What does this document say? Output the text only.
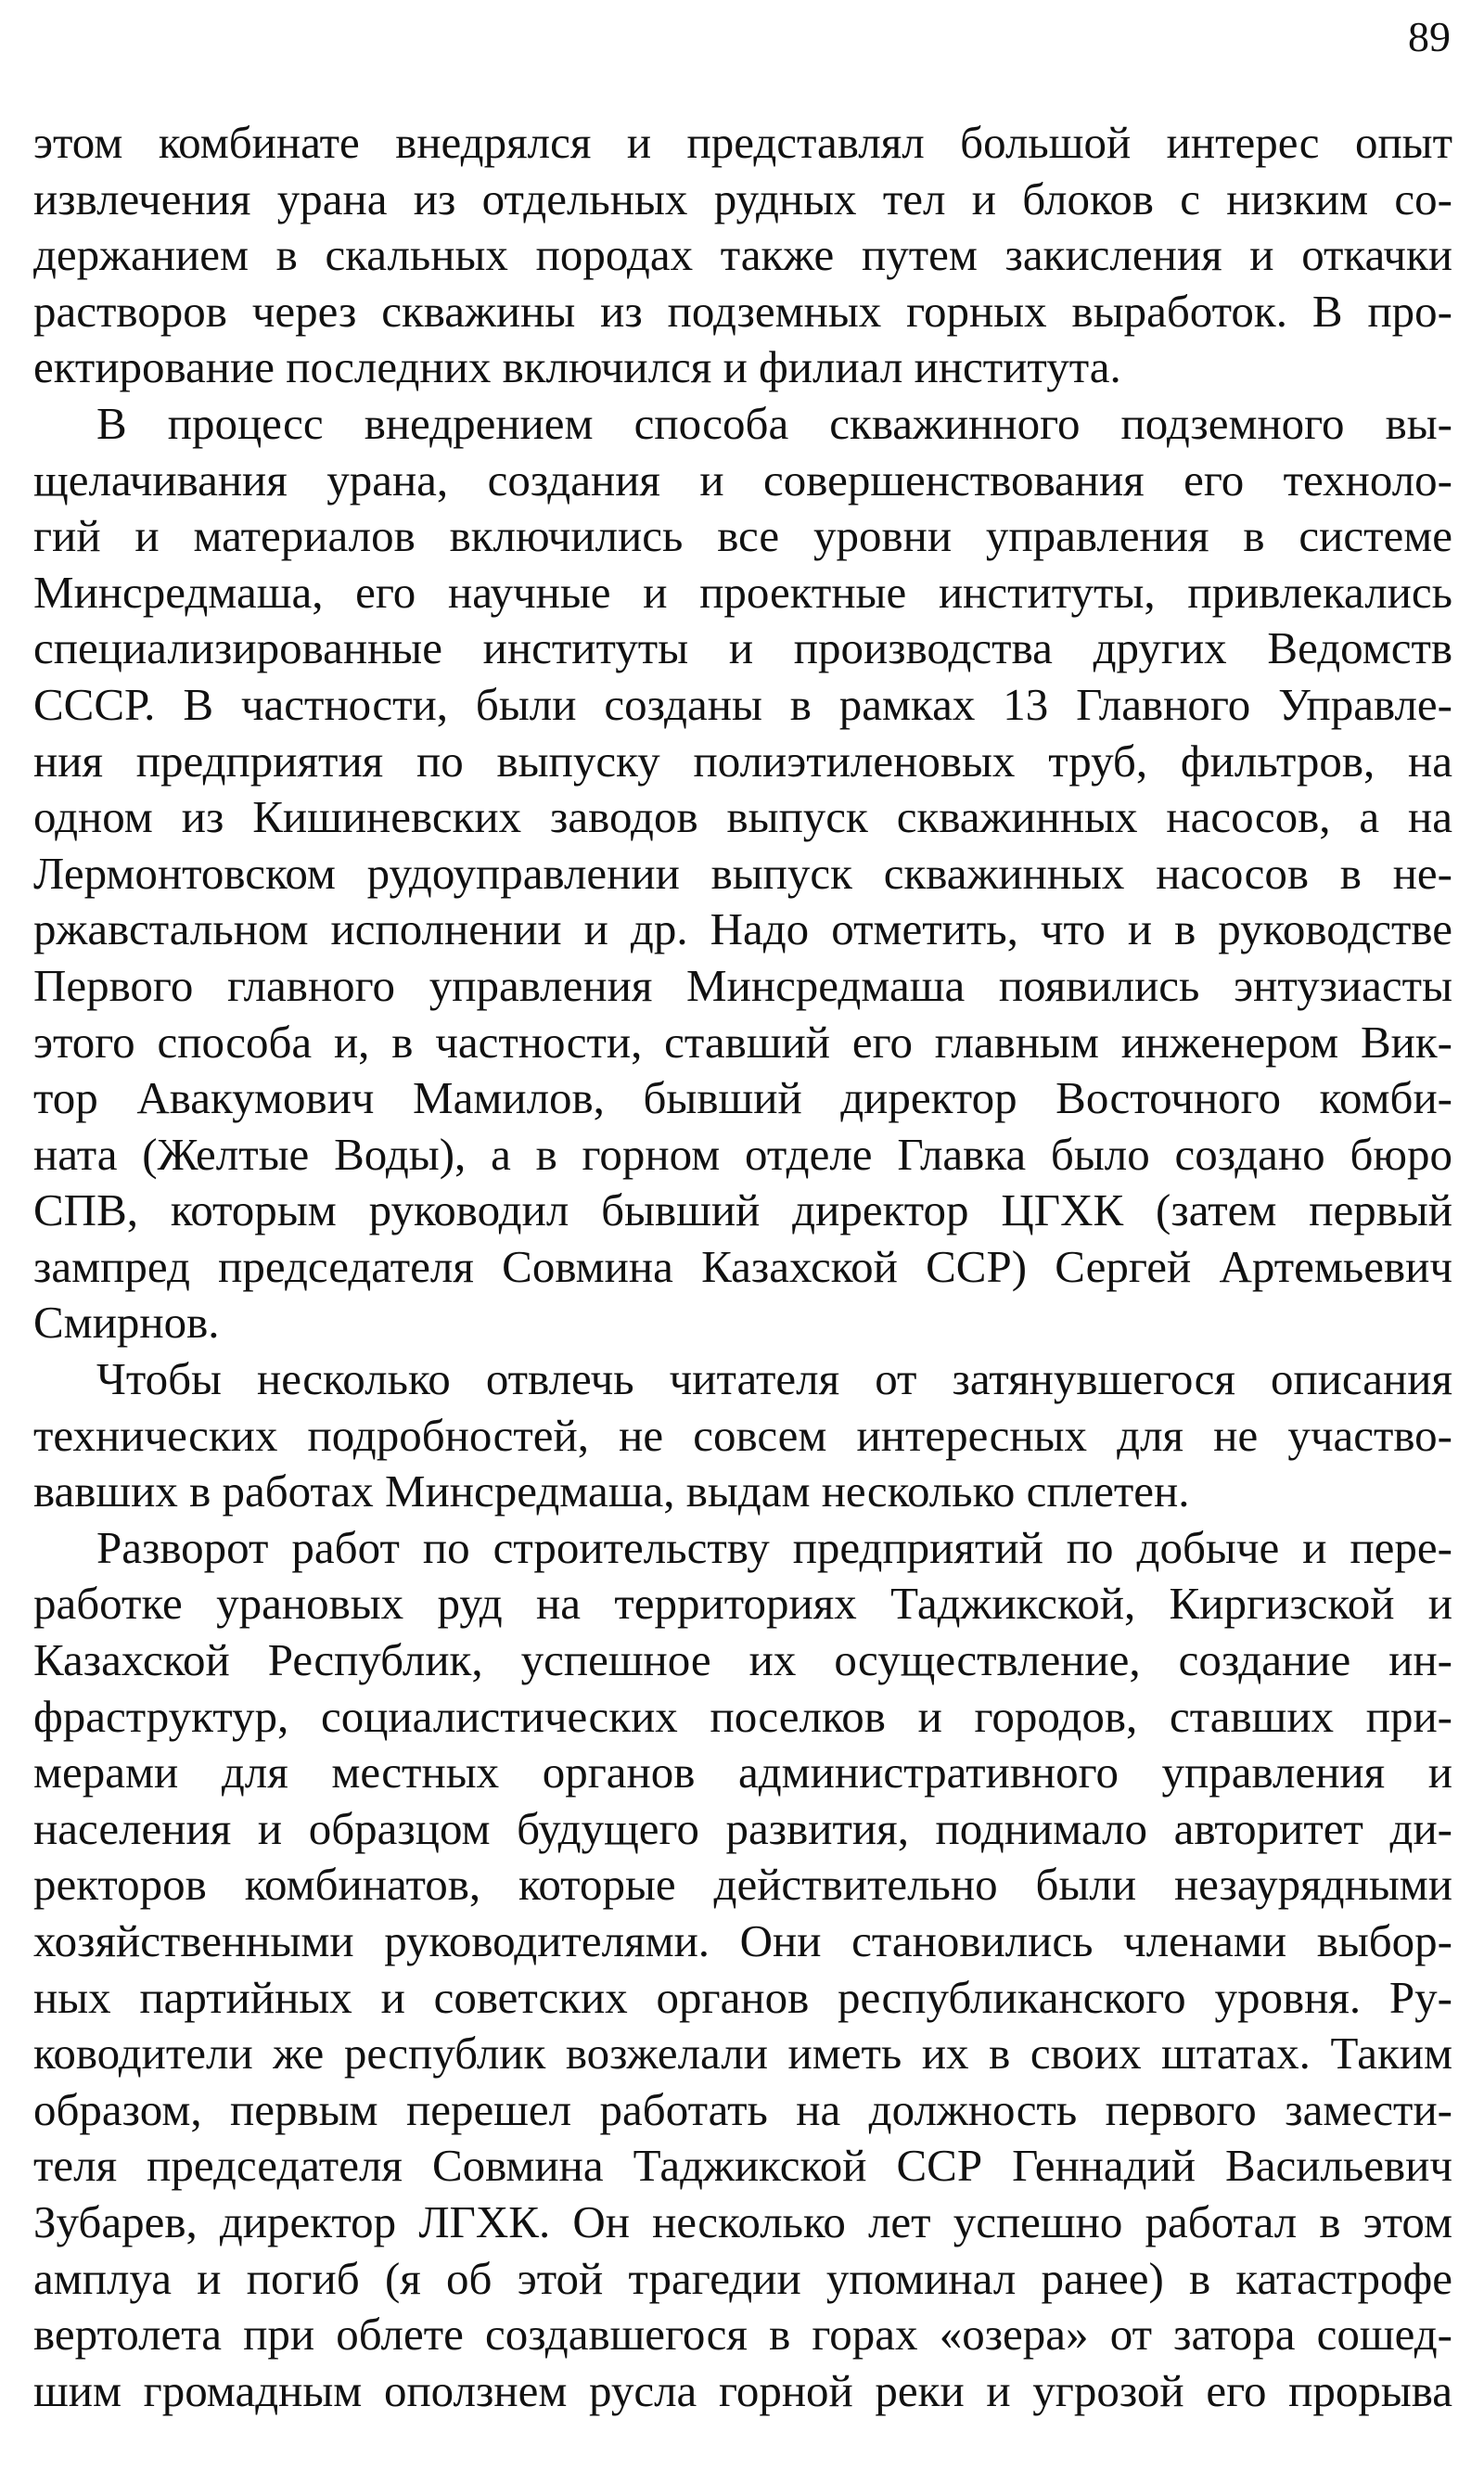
89
этом комбинате внедрялся и представлял большой интерес опыт
извлечения урана из отдельных рудных тел и блоков с низким со-
держанием в скальных породах также путем закисления и откачки
растворов через скважины из подземных горных выработок. В про-
ектирование последних включился и филиал института.
В процесс внедрением способа скважинного подземного вы-
щелачивания урана, создания и совершенствования его техноло-
гий и материалов включились все уровни управления в системе
Минсредмаша, его научные и проектные институты, привлекались
специализированные институты и производства других Ведомств
СССР. В частности, были созданы в рамках 13 Главного Управле-
ния предприятия по выпуску полиэтиленовых труб, фильтров, на
одном из Кишиневских заводов выпуск скважинных насосов, а на
Лермонтовском рудоуправлении выпуск скважинных насосов в не-
ржавстальном исполнении и др. Надо отметить, что и в руководстве
Первого главного управления Минсредмаша появились энтузиасты
этого способа и, в частности, ставший его главным инженером Вик-
тор Авакумович Мамилов, бывший директор Восточного комби-
ната (Желтые Воды), а в горном отделе Главка было создано бюро
СПВ, которым руководил бывший директор ЦГХК (затем первый
зампред председателя Совмина Казахской ССР) Сергей Артемьевич
Смирнов.
Чтобы несколько отвлечь читателя от затянувшегося описания
технических подробностей, не совсем интересных для не участво-
вавших в работах Минсредмаша, выдам несколько сплетен.
Разворот работ по строительству предприятий по добыче и пере-
работке урановых руд на территориях Таджикской, Киргизской и
Казахской Республик, успешное их осуществление, создание ин-
фраструктур, социалистических поселков и городов, ставших при-
мерами для местных органов административного управления и
населения и образцом будущего развития, поднимало авторитет ди-
ректоров комбинатов, которые действительно были незаурядными
хозяйственными руководителями. Они становились членами выбор-
ных партийных и советских органов республиканского уровня. Ру-
ководители же республик возжелали иметь их в своих штатах. Таким
образом, первым перешел работать на должность первого замести-
теля председателя Совмина Таджикской ССР Геннадий Васильевич
Зубарев, директор ЛГХК. Он несколько лет успешно работал в этом
амплуа и погиб (я об этой трагедии упоминал ранее) в катастрофе
вертолета при облете создавшегося в горах «озера» от затора сошед-
шим громадным оползнем русла горной реки и угрозой его прорыва
